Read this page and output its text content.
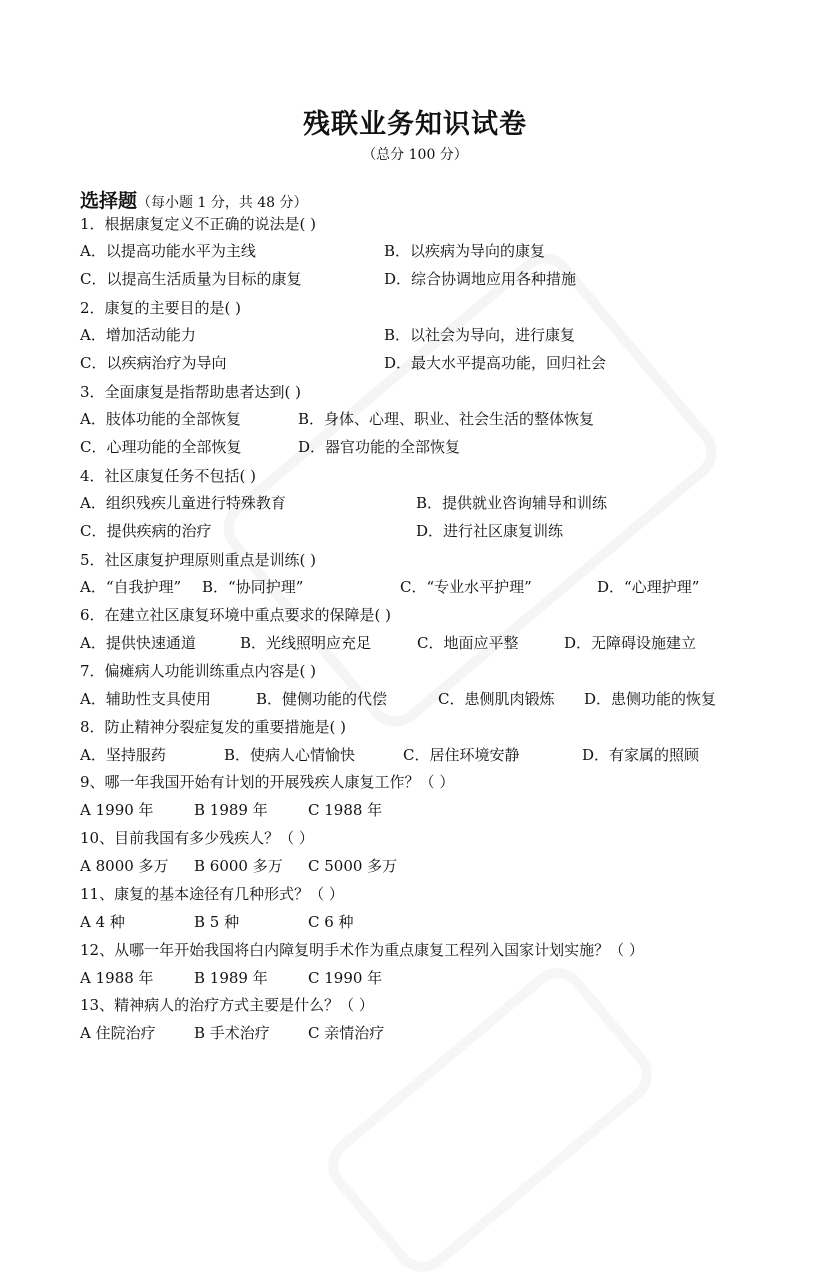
残联业务知识试卷
（总分 100 分）
选择题（每小题 1 分，共 48 分）
1．根据康复定义不正确的说法是( )
A．以提高功能水平为主线	B．以疾病为导向的康复
C．以提高生活质量为目标的康复	D．综合协调地应用各种措施
2．康复的主要目的是( )
A．增加活动能力	B．以社会为导向，进行康复
C．以疾病治疗为导向	D．最大水平提高功能，回归社会
3．全面康复是指帮助患者达到( )
A．肢体功能的全部恢复	B．身体、心理、职业、社会生活的整体恢复
C．心理功能的全部恢复	D．器官功能的全部恢复
4．社区康复任务不包括( )
A．组织残疾儿童进行特殊教育	B．提供就业咨询辅导和训练
C．提供疾病的治疗	D．进行社区康复训练
5．社区康复护理原则重点是训练( )
A．“自我护理” B．“协同护理”	C．“专业水平护理”	D．“心理护理”
6．在建立社区康复环境中重点要求的保障是( )
A．提供快速通道	B．光线照明应充足	C．地面应平整	D．无障碍设施建立
7．偏瘫病人功能训练重点内容是( )
A．辅助性支具使用	B．健侧功能的代偿	C．患侧肌肉锻炼 D．患侧功能的恢复
8．防止精神分裂症复发的重要措施是( )
A．坚持服药	B．使病人心情愉快	C．居住环境安静	D．有家属的照顾
9、哪一年我国开始有计划的开展残疾人康复工作？（ ）
A 1990 年	B 1989 年	C 1988 年
10、目前我国有多少残疾人？（ ）
A 8000 多万 B 6000 多万 C 5000 多万
11、康复的基本途径有几种形式？（ ）
A 4 种	B 5 种	C 6 种
12、从哪一年开始我国将白内障复明手术作为重点康复工程列入国家计划实施？（ ）
A 1988 年	B 1989 年	C 1990 年
13、精神病人的治疗方式主要是什么？（ ）
A 住院治疗	B 手术治疗	C 亲情治疗
